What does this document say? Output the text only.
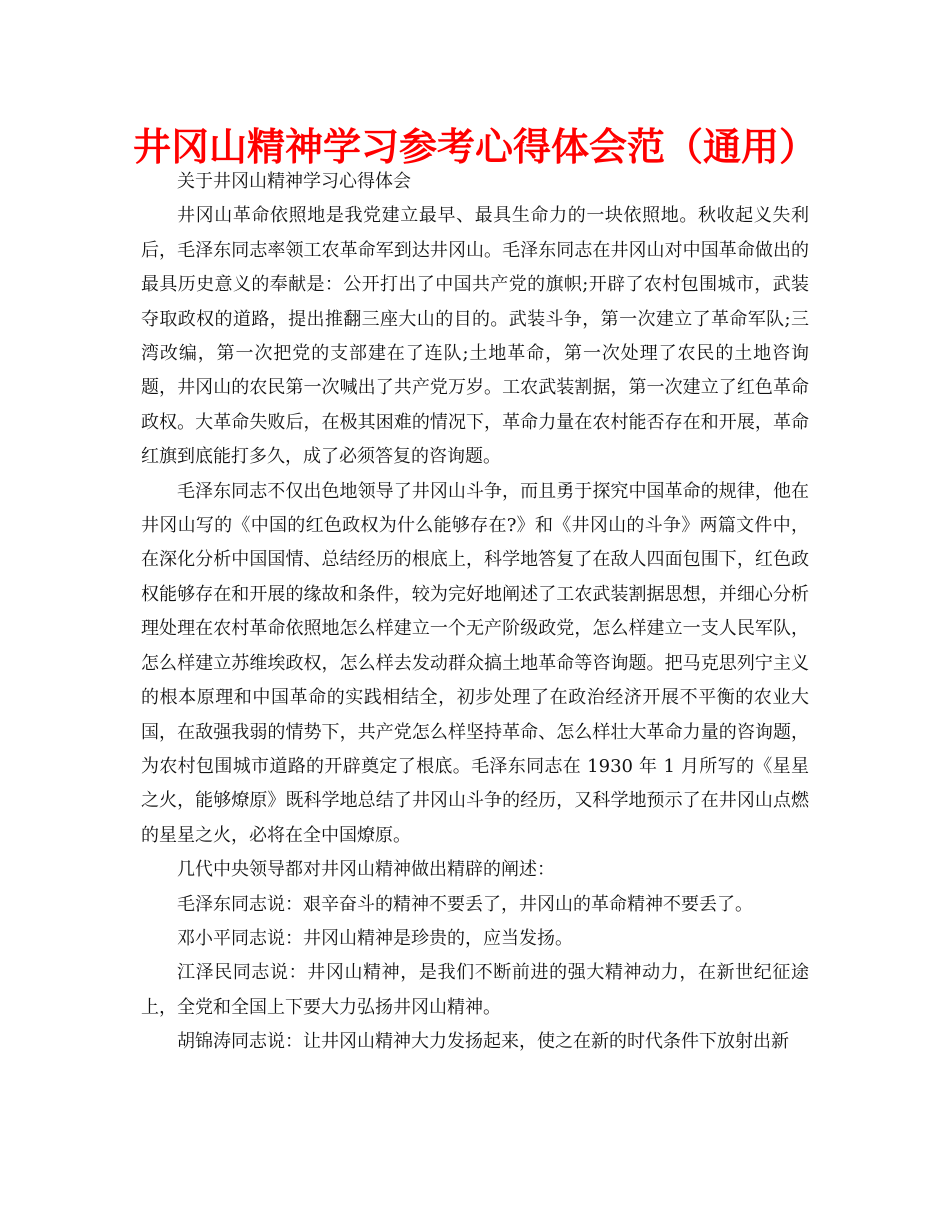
井冈山精神学习参考心得体会范（通用）

关于井冈山精神学习心得体会

井冈山革命依照地是我党建立最早、最具生命力的一块依照地。秋收起义失利后，毛泽东同志率领工农革命军到达井冈山。毛泽东同志在井冈山对中国革命做出的最具历史意义的奉献是：公开打出了中国共产党的旗帜;开辟了农村包围城市，武装夺取政权的道路，提出推翻三座大山的目的。武装斗争，第一次建立了革命军队;三湾改编，第一次把党的支部建在了连队;土地革命，第一次处理了农民的土地咨询题，井冈山的农民第一次喊出了共产党万岁。工农武装割据，第一次建立了红色革命政权。大革命失败后，在极其困难的情况下，革命力量在农村能否存在和开展，革命红旗到底能打多久，成了必须答复的咨询题。

毛泽东同志不仅出色地领导了井冈山斗争，而且勇于探究中国革命的规律，他在井冈山写的《中国的红色政权为什么能够存在?》和《井冈山的斗争》两篇文件中，在深化分析中国国情、总结经历的根底上，科学地答复了在敌人四面包围下，红色政权能够存在和开展的缘故和条件，较为完好地阐述了工农武装割据思想，并细心分析理处理在农村革命依照地怎么样建立一个无产阶级政党，怎么样建立一支人民军队，怎么样建立苏维埃政权，怎么样去发动群众搞土地革命等咨询题。把马克思列宁主义的根本原理和中国革命的实践相结全，初步处理了在政治经济开展不平衡的农业大国，在敌强我弱的情势下，共产党怎么样坚持革命、怎么样壮大革命力量的咨询题，为农村包围城市道路的开辟奠定了根底。毛泽东同志在 1930 年 1 月所写的《星星之火，能够燎原》既科学地总结了井冈山斗争的经历，又科学地预示了在井冈山点燃的星星之火，必将在全中国燎原。

几代中央领导都对井冈山精神做出精辟的阐述：

毛泽东同志说：艰辛奋斗的精神不要丢了，井冈山的革命精神不要丢了。

邓小平同志说：井冈山精神是珍贵的，应当发扬。

江泽民同志说：井冈山精神，是我们不断前进的强大精神动力，在新世纪征途上，全党和全国上下要大力弘扬井冈山精神。

胡锦涛同志说：让井冈山精神大力发扬起来，使之在新的时代条件下放射出新
